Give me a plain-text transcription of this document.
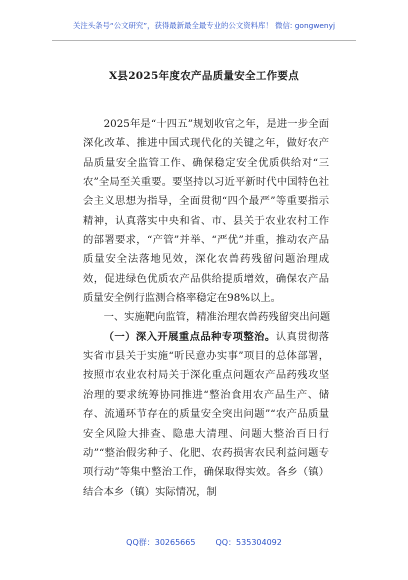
关注头条号“公文研究”，获得最新最全最专业的公文资料库！ 微信: gongwenyj
X县2025年度农产品质量安全工作要点

2025年是“十四五”规划收官之年，是进一步全面深化改革、推进中国式现代化的关键之年，做好农产品质量安全监管工作、确保稳定安全优质供给对“三农”全局至关重要。要坚持以习近平新时代中国特色社会主义思想为指导，全面贯彻“四个最严”等重要指示精神，认真落实中央和省、市、县关于农业农村工作的部署要求，“产管”并举、“严优”并重，推动农产品质量安全法落地见效，深化农兽药残留问题治理成效，促进绿色优质农产品供给提质增效，确保农产品质量安全例行监测合格率稳定在98%以上。

一、实施靶向监管，精准治理农兽药残留突出问题

（一）深入开展重点品种专项整治。认真贯彻落实省市县关于实施“听民意办实事”项目的总体部署，按照市农业农村局关于深化重点问题农产品药残攻坚治理的要求统筹协同推进“整治食用农产品生产、储存、流通环节存在的质量安全突出问题”“农产品质量安全风险大排查、隐患大清理、问题大整治百日行动”“整治假劣种子、化肥、农药损害农民利益问题专项行动”等集中整治工作，确保取得实效。各乡（镇）结合本乡（镇）实际情况，制

QQ群：30265665	QQ：535304092
